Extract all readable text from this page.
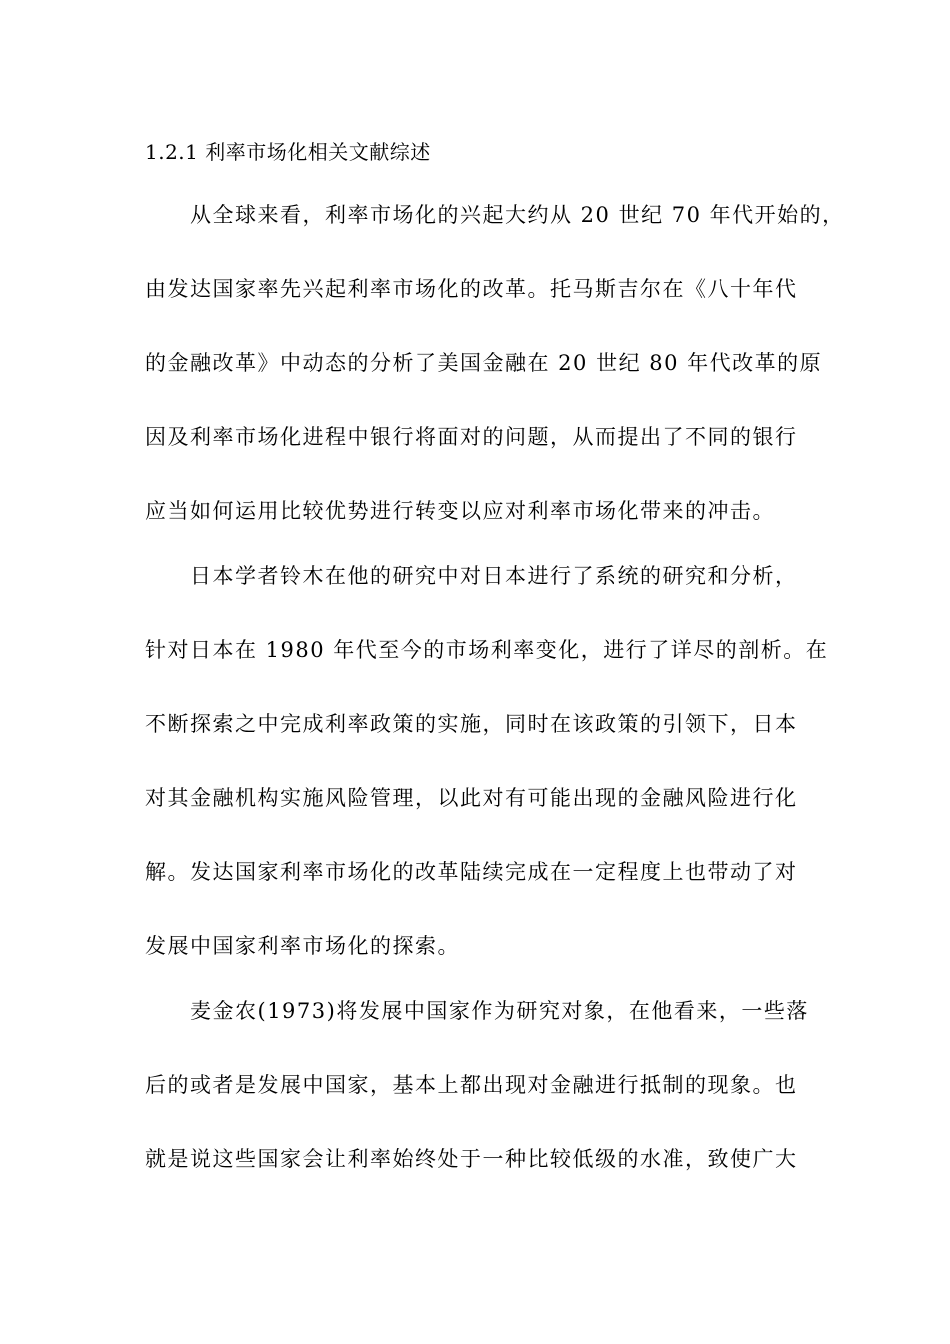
1.2.1 利率市场化相关文献综述
从全球来看，利率市场化的兴起大约从 20 世纪 70 年代开始的，
由发达国家率先兴起利率市场化的改革。托马斯吉尔在《八十年代
的金融改革》中动态的分析了美国金融在 20 世纪 80 年代改革的原
因及利率市场化进程中银行将面对的问题，从而提出了不同的银行
应当如何运用比较优势进行转变以应对利率市场化带来的冲击。
日本学者铃木在他的研究中对日本进行了系统的研究和分析，
针对日本在 1980 年代至今的市场利率变化，进行了详尽的剖析。在
不断探索之中完成利率政策的实施，同时在该政策的引领下，日本
对其金融机构实施风险管理，以此对有可能出现的金融风险进行化
解。发达国家利率市场化的改革陆续完成在一定程度上也带动了对
发展中国家利率市场化的探索。
麦金农(1973)将发展中国家作为研究对象，在他看来，一些落
后的或者是发展中国家，基本上都出现对金融进行抵制的现象。也
就是说这些国家会让利率始终处于一种比较低级的水准，致使广大
